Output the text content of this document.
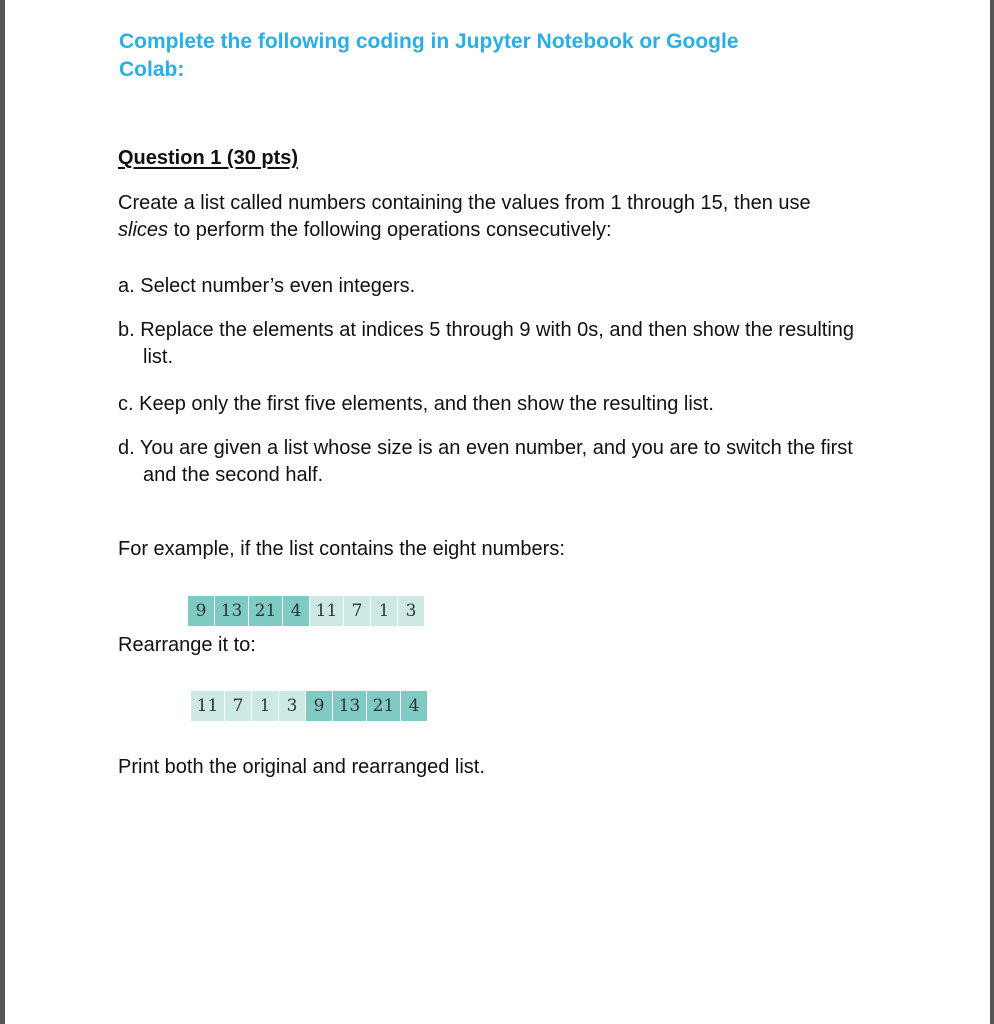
Complete the following coding in Jupyter Notebook or Google
Colab:
Question 1 (30 pts)
Create a list called numbers containing the values from 1 through 15, then use slices to perform the following operations consecutively:
a. Select number’s even integers.
b. Replace the elements at indices 5 through 9 with 0s, and then show the resulting list.
c. Keep only the first five elements, and then show the resulting list.
d. You are given a list whose size is an even number, and you are to switch the first and the second half.
For example, if the list contains the eight numbers:
9 13 21 4 11 7 1 3
Rearrange it to:
11 7 1 3 9 13 21 4
Print both the original and rearranged list.
